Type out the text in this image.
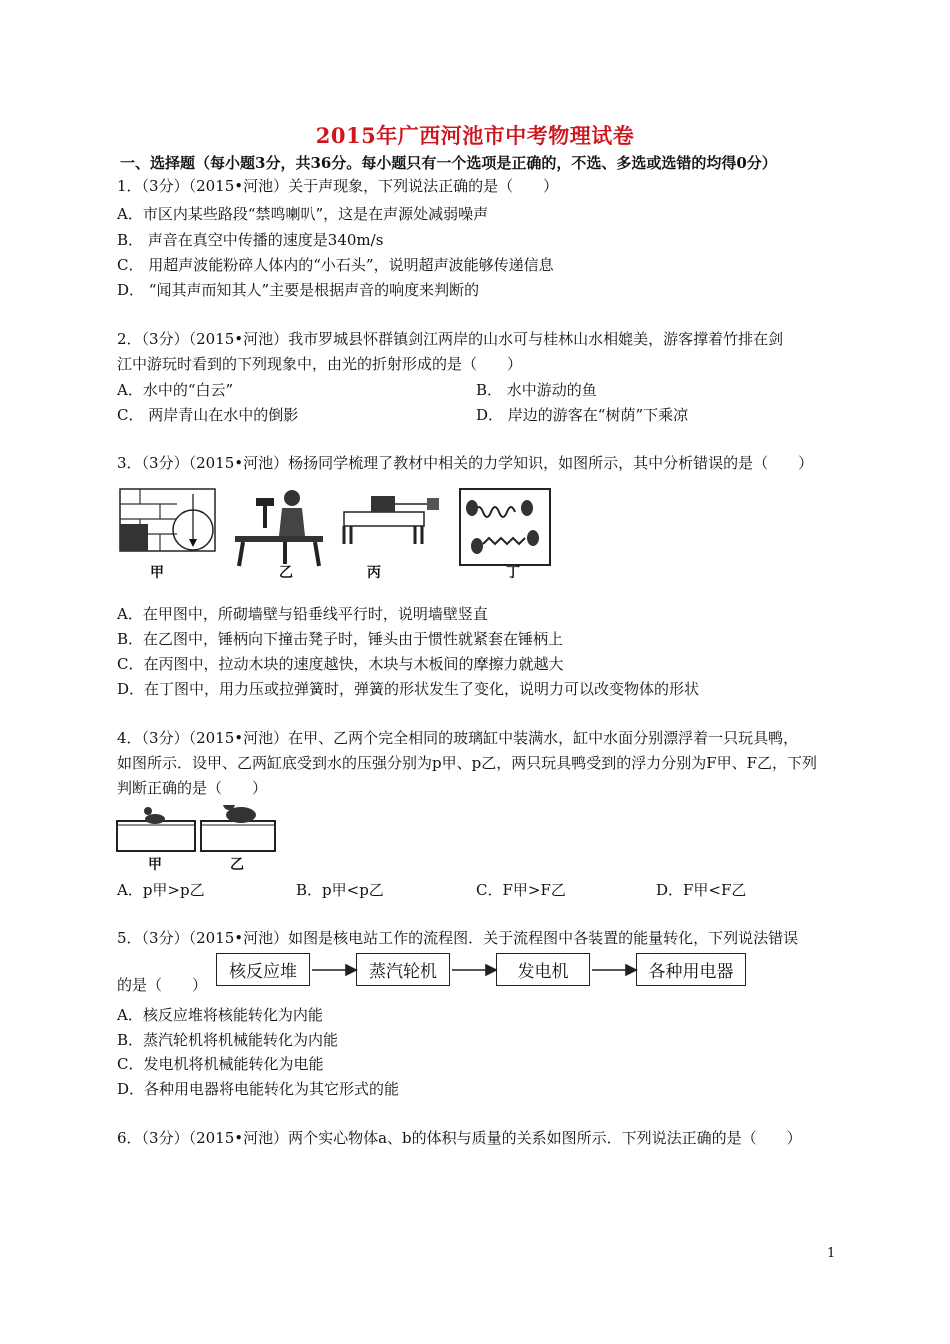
2015年广西河池市中考物理试卷
一、选择题（每小题3分，共36分。每小题只有一个选项是正确的，不选、多选或选错的均得0分）
1．（3分）（2015•河池）关于声现象，下列说法正确的是（　　）
A．市区内某些路段“禁鸣喇叭”，这是在声源处减弱噪声
B． 声音在真空中传播的速度是340m/s
C． 用超声波能粉碎人体内的“小石头”，说明超声波能够传递信息
D． “闻其声而知其人”主要是根据声音的响度来判断的
2．（3分）（2015•河池）我市罗城县怀群镇剑江两岸的山水可与桂林山水相媲美，游客撑着竹排在剑
江中游玩时看到的下列现象中，由光的折射形成的是（　　）
A．水中的“白云”	B． 水中游动的鱼
C． 两岸青山在水中的倒影	D． 岸边的游客在“树荫”下乘凉
3．（3分）（2015•河池）杨扬同学梳理了教材中相关的力学知识，如图所示，其中分析错误的是（　　）
甲	乙	丙	丁
A．在甲图中，所砌墙壁与铅垂线平行时，说明墙壁竖直
B．在乙图中，锤柄向下撞击凳子时，锤头由于惯性就紧套在锤柄上
C．在丙图中，拉动木块的速度越快，木块与木板间的摩擦力就越大
D．在丁图中，用力压或拉弹簧时，弹簧的形状发生了变化，说明力可以改变物体的形状
4．（3分）（2015•河池）在甲、乙两个完全相同的玻璃缸中装满水，缸中水面分别漂浮着一只玩具鸭，
如图所示．设甲、乙两缸底受到水的压强分别为p甲、p乙，两只玩具鸭受到的浮力分别为F甲、F乙，下列
判断正确的是（　　）
甲	乙
A．p甲>p乙	B．p甲<p乙	C．F甲>F乙	D．F甲<F乙
5．（3分）（2015•河池）如图是核电站工作的流程图．关于流程图中各装置的能量转化，下列说法错误
的是（　　）
核反应堆	蒸汽轮机	发电机	各种用电器
A．核反应堆将核能转化为内能
B．蒸汽轮机将机械能转化为内能
C．发电机将机械能转化为电能
D．各种用电器将电能转化为其它形式的能
6．（3分）（2015•河池）两个实心物体a、b的体积与质量的关系如图所示．下列说法正确的是（　　）
1
